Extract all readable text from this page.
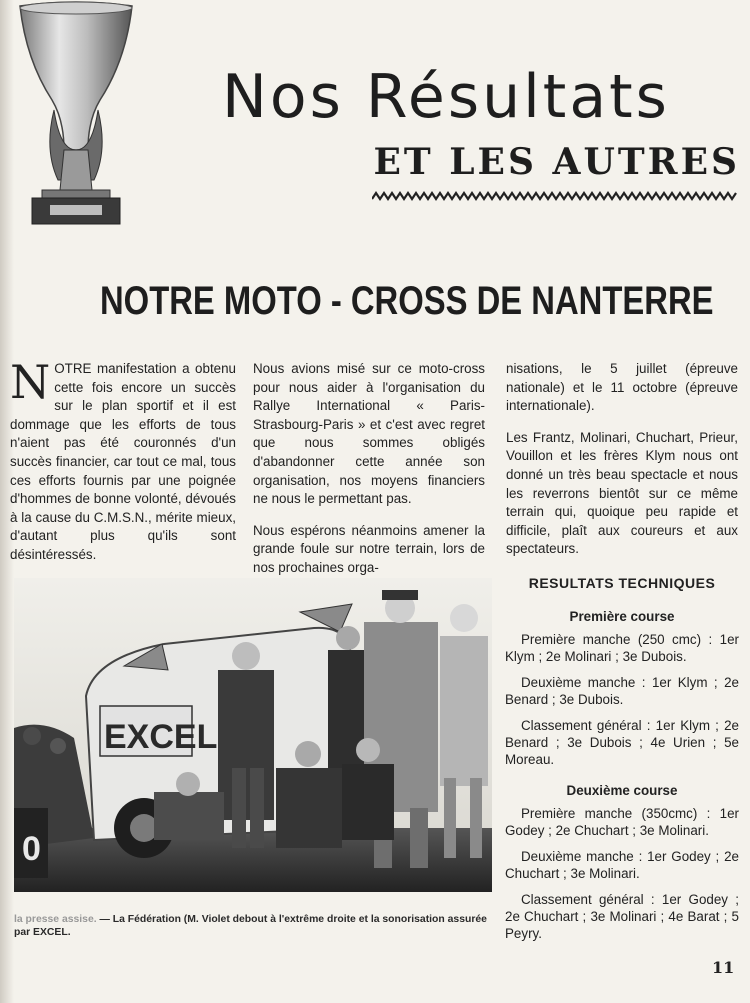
Nos Résultats
ET LES AUTRES
NOTRE MOTO - CROSS DE NANTERRE

NOTRE manifestation a obtenu cette fois encore un succès sur le plan sportif et il est dommage que les efforts de tous n'aient pas été couronnés d'un succès financier, car tout ce mal, tous ces efforts fournis par une poignée d'hommes de bonne volonté, dévoués à la cause du C.M.S.N., mérite mieux, d'autant plus qu'ils sont désintéressés.

Nous avions misé sur ce moto-cross pour nous aider à l'organisation du Rallye International « Paris-Strasbourg-Paris » et c'est avec regret que nous sommes obligés d'abandonner cette année son organisation, nos moyens financiers ne nous le permettant pas.

Nous espérons néanmoins amener la grande foule sur notre terrain, lors de nos prochaines orga-

nisations, le 5 juillet (épreuve nationale) et le 11 octobre (épreuve internationale).

Les Frantz, Molinari, Chuchart, Prieur, Vouillon et les frères Klym nous ont donné un très beau spectacle et nous les reverrons bientôt sur ce même terrain qui, quoique peu rapide et difficile, plaît aux coureurs et aux spectateurs.

RESULTATS TECHNIQUES
Première course
Première manche (250 cmc) : 1er Klym ; 2e Molinari ; 3e Dubois.
Deuxième manche : 1er Klym ; 2e Benard ; 3e Dubois.
Classement général : 1er Klym ; 2e Benard ; 3e Dubois ; 4e Urien ; 5e Moreau.
Deuxième course
Première manche (350cmc) : 1er Godey ; 2e Chuchart ; 3e Molinari.
Deuxième manche : 1er Godey ; 2e Chuchart ; 3e Molinari.
Classement général : 1er Godey ; 2e Chuchart ; 3e Molinari ; 4e Barat ; 5 Peyry.
0
EXCEL
la presse assise. — La Fédération (M. Violet debout à l'extrême droite et la sonorisation assurée par EXCEL.
11
